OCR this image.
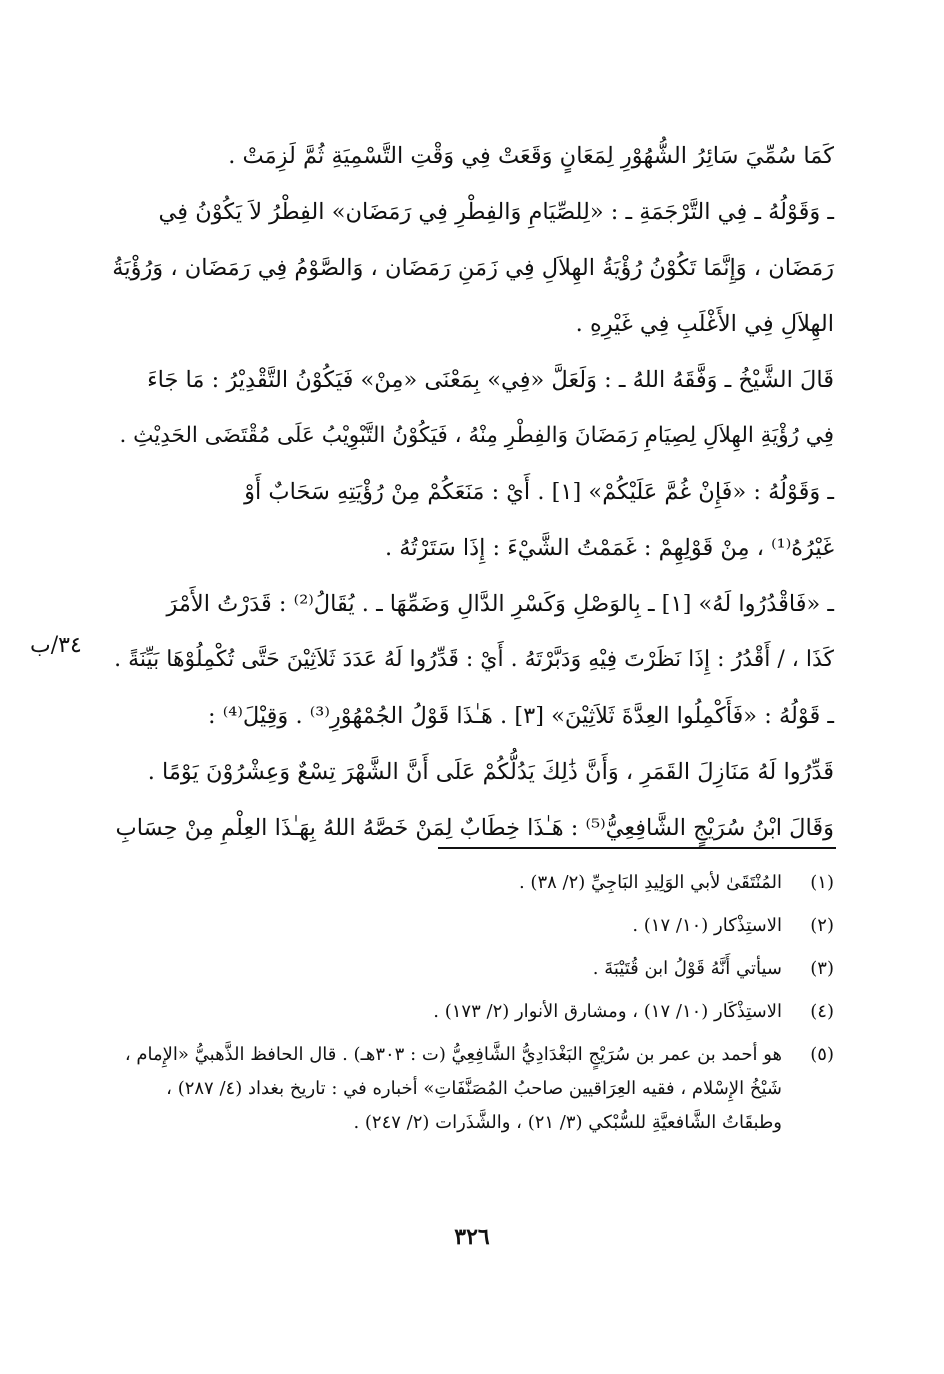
كَمَا سُمِّيَ سَائِرُ الشُّهُوْرِ لِمَعَانٍ وَقَعَتْ فِي وَقْتِ التَّسْمِيَةِ ثُمَّ لَزِمَتْ .
ـ وَقَوْلُهُ ـ فِي التَّرْجَمَةِ ـ : «لِلصِّيَامِ وَالفِطْرِ فِي رَمَضَان» الفِطْرُ لاَ يَكُوْنُ فِي
رَمَضَان ، وَإِنَّمَا تَكُوْنُ رُؤْيَةُ الهِلاَلِ فِي زَمَنِ رَمَضَان ، وَالصَّوْمُ فِي رَمَضَان ، وَرُؤْيَةُ
الهِلاَلِ فِي الأَغْلَبِ فِي غَيْرِهِ .
قَالَ الشَّيْخُ ـ وَفَّقَهُ اللهُ ـ : وَلَعَلَّ «فِي» بِمَعْنَى «مِنْ» فَيَكُوْنُ التَّقْدِيْرُ : مَا جَاءَ
فِي رُؤْيَةِ الهِلاَلِ لِصِيَامِ رَمَضَانَ وَالفِطْرِ مِنْهُ ، فَيَكُوْنُ التَّبْوِيْبُ عَلَى مُقْتَضَى الحَدِيْثِ .
ـ وَقَوْلُهُ : «فَإِنْ غُمَّ عَلَيْكُمْ» [١] . أَيْ : مَنَعَكُمْ مِنْ رُؤْيَتِهِ سَحَابٌ أَوْ
غَيْرُهُ⁽¹⁾ ، مِنْ قَوْلِهِمْ : غَمَمْتُ الشَّيْءَ : إِذَا سَتَرْتُهُ .
ـ «فَاقْدُرُوا لَهُ» [١] ـ بِالوَصْلِ وَكَسْرِ الدَّالِ وَضَمِّهَا ـ . يُقَالُ⁽²⁾ : قَدَرْتُ الأَمْرَ
كَذَا ، / أَقْدُرُ : إِذَا نَظَرْتَ فِيْهِ وَدَبَّرْتَهُ . أَيْ : قَدِّرُوا لَهُ عَدَدَ ثَلاَثِيْنَ حَتَّى تُكْمِلُوْهَا بَيِّنَةً .
ـ قَوْلُهُ : «فَأَكْمِلُوا العِدَّةَ ثَلاَثِيْنَ» [٣] . هَـٰذَا قَوْلُ الجُمْهُوْرِ⁽³⁾ . وَقِيْلَ⁽⁴⁾ :
قَدِّرُوا لَهُ مَنَازِلَ القَمَرِ ، وَأَنَّ ذَٰلِكَ يَدُلُّكُمْ عَلَى أَنَّ الشَّهْرَ تِسْعٌ وَعِشْرُوْنَ يَوْمًا .
وَقَالَ ابْنُ سُرَيْجٍ الشَّافِعِيُّ⁽⁵⁾ : هَـٰذَا خِطَابٌ لِمَنْ خَصَّهُ اللهُ بِهَـٰذَا العِلْمِ مِنْ حِسَابِ
٣٤/ب
(١)
المُنْتَقَىٰ لأبي الوَلِيدِ البَاجِيِّ (٢/ ٣٨) .
(٢)
الاستِذْكار (١٠/ ١٧) .
(٣)
سيأتي أَنَّهُ قَوْلُ ابن قُتَيْبَةَ .
(٤)
الاستِذْكَار (١٠/ ١٧) ، ومشارق الأنوار (٢/ ١٧٣) .
(٥)
هو أحمد بن عمر بن سُرَيْجٍ البَغْدَادِيُّ الشَّافِعِيُّ (ت : ٣٠٣هـ) . قال الحافظ الذَّهبيُّ «الإِمام ،
شَيْخُ الإِسْلام ، فقيه العِرَاقيين صاحبُ المُصَنَّفَاتِ» أخباره في : تاريخ بغداد (٤/ ٢٨٧) ،
وطبقَاتُ الشَّافعيَّةِ للسُّبْكي (٣/ ٢١) ، والشَّذَرات (٢/ ٢٤٧) .
٣٢٦
